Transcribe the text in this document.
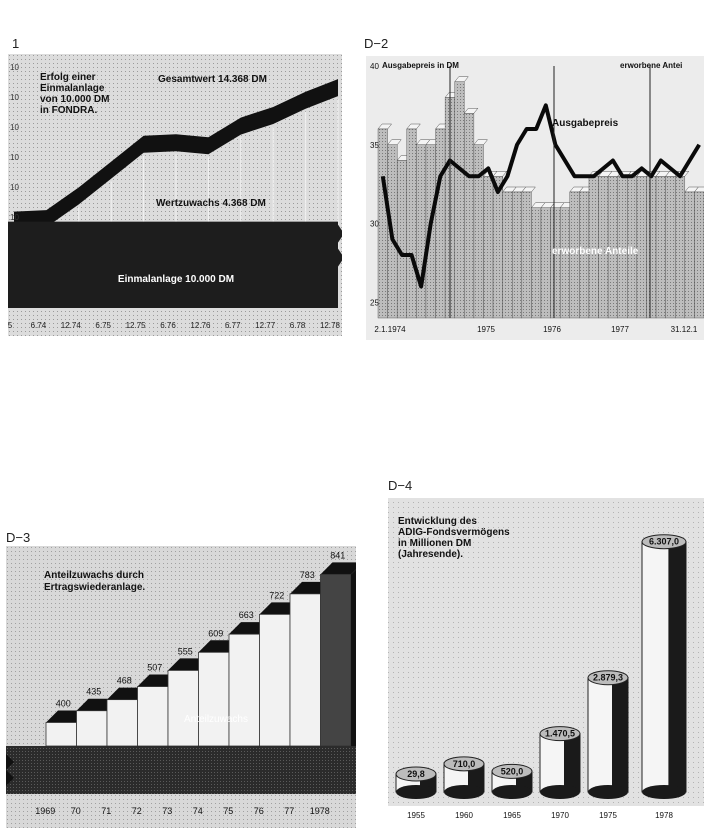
1
10
10
10
10
10
10
Erfolg einer
Einmalanlage
von 10.000 DM
in FONDRA.
Gesamtwert 14.368 DM
Wertzuwachs 4.368 DM
Einmalanlage 10.000 DM
5 6.74 12.74 6.75 12.75 6.76 12.76 6.77 12.77 6.78 12.78
D−2
25
30
35
40 Ausgabepreis in DM	erworbene Antei
Ausgabepreis
erworbene Anteile
2.1.1974	1975	1976	1977	31.12.1
D−3
400
435
468
507
555
609
663
722
783
841
Anteilzuwachs durch
Ertragswiederanlage.
Anteilzuwachs
1969 70 71 72 73 74 75 76 77 1978
D−4
Entwicklung des
ADIG-Fondsvermögens
in Millionen DM
(Jahresende).
29,8
1955
710,0
1960
520,0
1965
1.470,5
1970
2.879,3
1975
6.307,0
1978
